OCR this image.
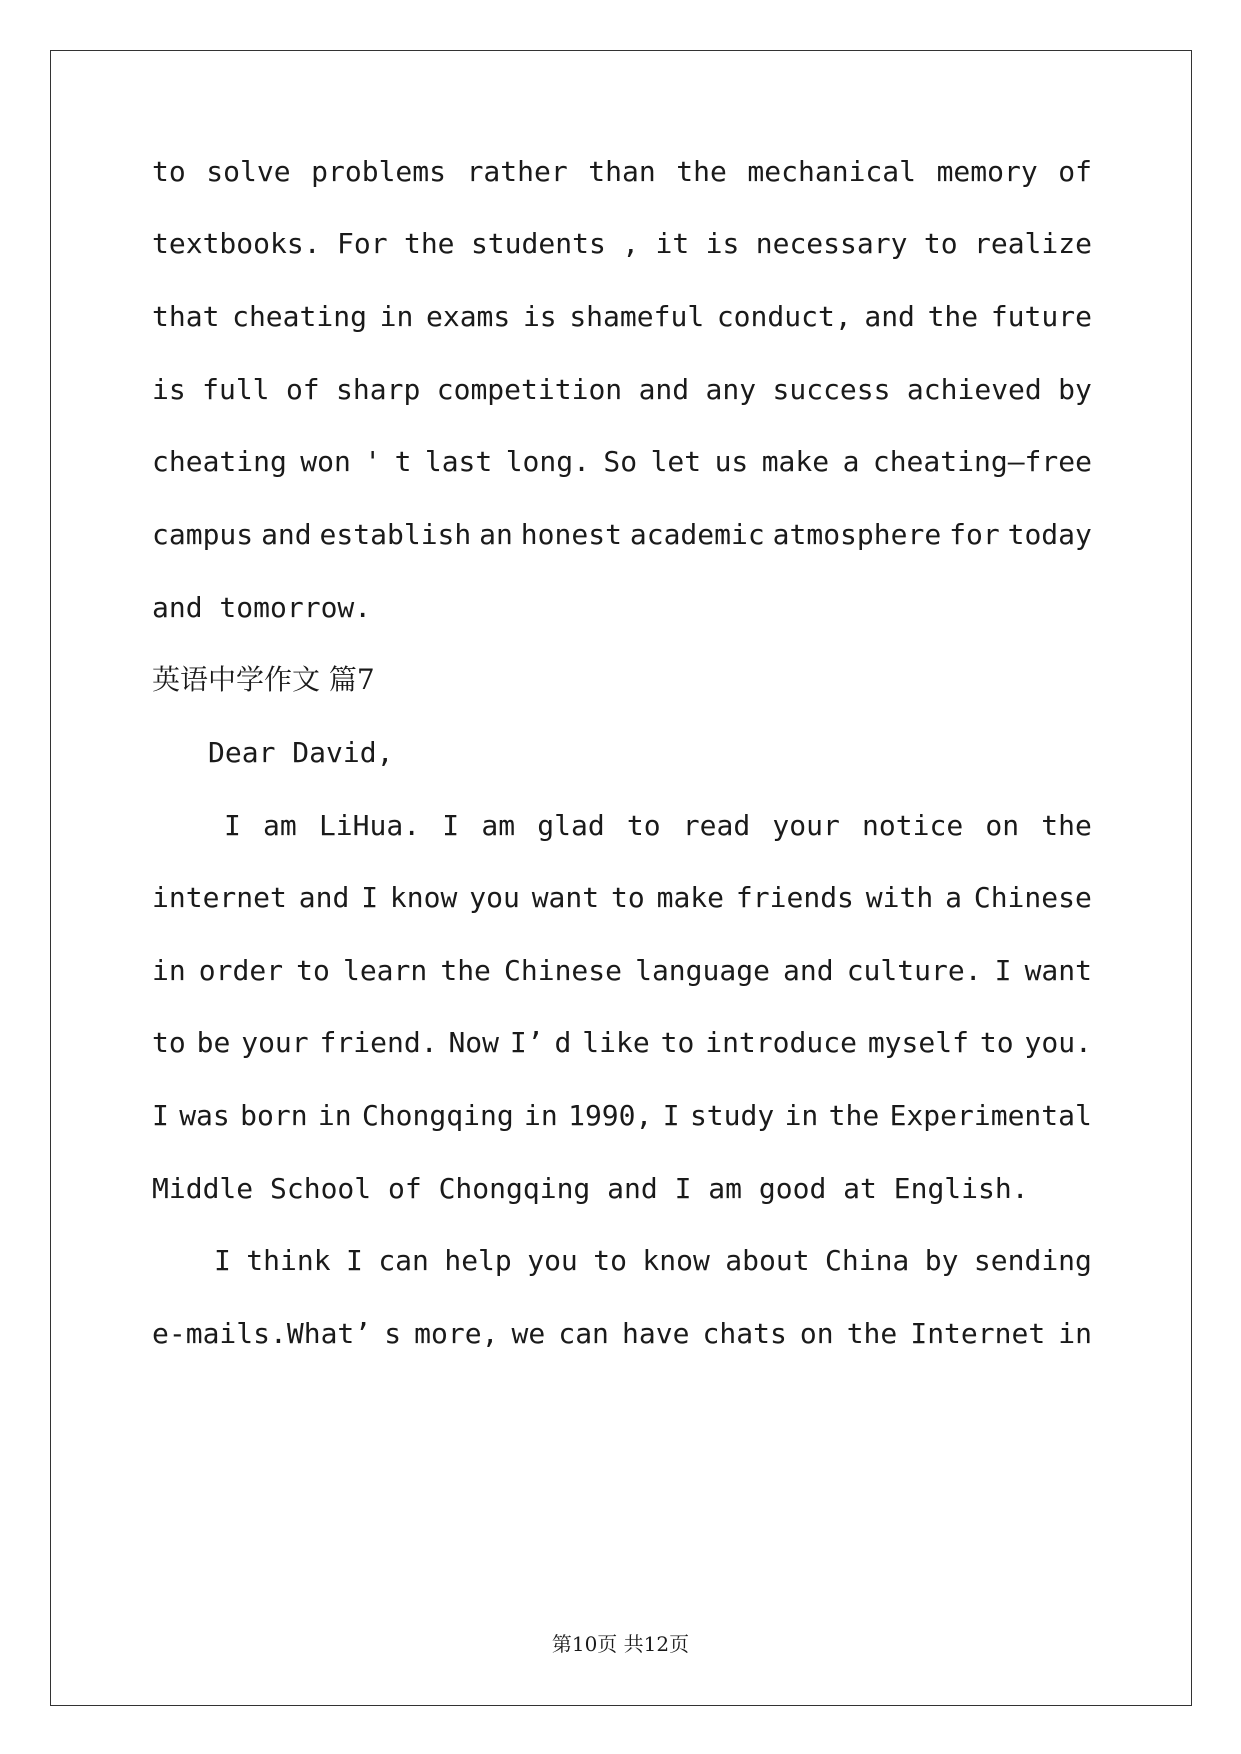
to solve problems rather than the mechanical memory of
textbooks. For the students , it is necessary to realize
that cheating in exams is shameful conduct, and the future
is full of sharp competition and any success achieved by
cheating won ' t last long. So let us make a cheating—free
campus and establish an honest academic atmosphere for today
and tomorrow.
英语中学作文 篇7
Dear David,
I am LiHua. I am glad to read your notice on the
internet and I know you want to make friends with a Chinese
in order to learn the Chinese language and culture. I want
to be your friend. Now I’ d like to introduce myself to you.
I was born in Chongqing in 1990, I study in the Experimental
Middle School of Chongqing and I am good at English.
I think I can help you to know about China by sending
e-mails.What’ s more, we can have chats on the Internet in
第10页 共12页
